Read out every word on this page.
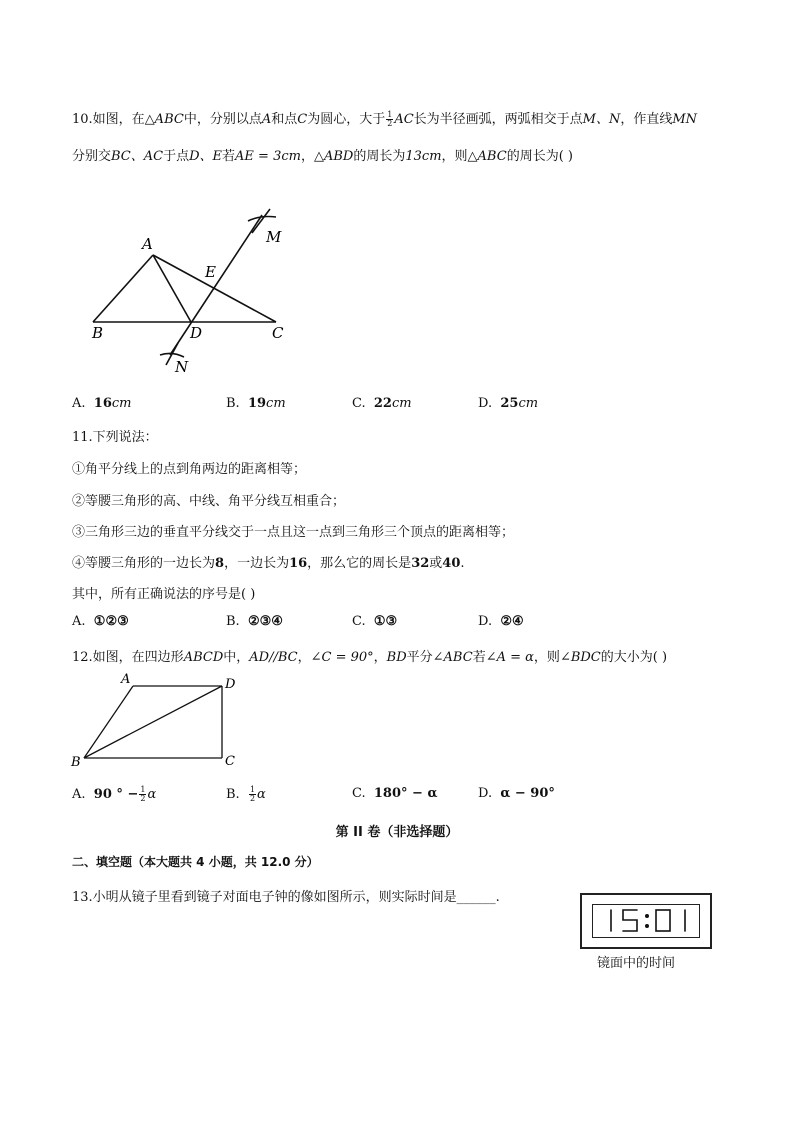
10.如图，在△ABC中，分别以点A和点C为圆心，大于 $\frac{1}{2}$ AC长为半径画弧，两弧相交于点M、N，作直线MN
分别交BC、AC于点D、E若AE = 3cm，△ABD的周长为13cm，则△ABC的周长为( )
A
B	C
D
E
M
N
A. 16cm	B. 19cm	C. 22cm	D. 25cm
11.下列说法：
①角平分线上的点到角两边的距离相等；
②等腰三角形的高、中线、角平分线互相重合；
③三角形三边的垂直平分线交于一点且这一点到三角形三个顶点的距离相等；
④等腰三角形的一边长为8，一边长为16，那么它的周长是32或40.
其中，所有正确说法的序号是( )
A. ①②③	B. ②③④	C. ①③	D. ②④
12.如图，在四边形ABCD中，AD//BC，∠C = 90°，BD平分∠ABC若∠A = α，则∠BDC的大小为( )
A	D
B	C
A. 90 ° − $\frac{1}{2}$ α	B. $\frac{1}{2}$ α	C. 180° − α	D. α − 90°
第 II 卷（非选择题）
二、填空题（本大题共 4 小题，共 12.0 分）
13.小明从镜子里看到镜子对面电子钟的像如图所示，则实际时间是______.
镜面中的时间
